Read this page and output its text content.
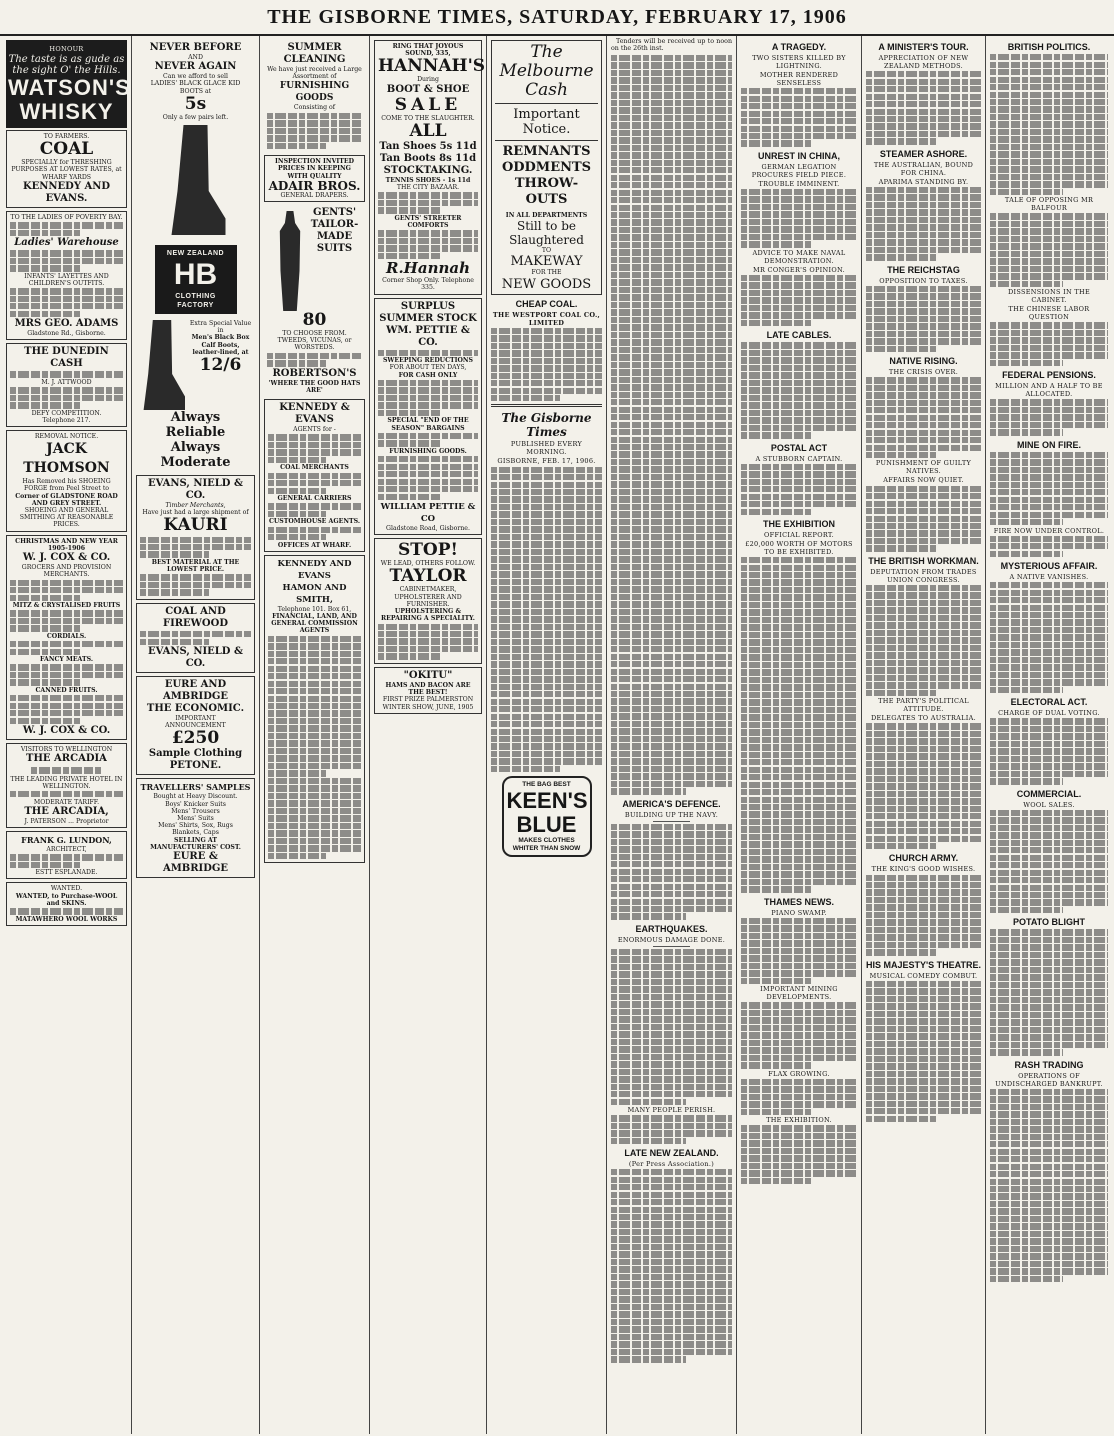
THE GISBORNE TIMES, SATURDAY, FEBRUARY 17, 1906
HONOUR
The taste is as gude as the sight O' the Hills.
WATSON'S WHISKY
TO FARMERS.
COAL
SPECIALLY for THRESHING PURPOSES AT LOWEST RATES, at WHARF YARDS
KENNEDY AND EVANS.
TO THE LADIES OF POVERTY BAY.
Ladies' Warehouse
INFANTS' LAYETTES AND CHILDREN'S OUTFITS.
MRS GEO. ADAMS
Gladstone Rd., Gisborne.
THE DUNEDIN CASH
M. J. ATTWOOD
DEFY COMPETITION.
Telephone 217.
REMOVAL NOTICE.
JACK THOMSON
Has Removed his SHOEING FORGE from Peel Street to
Corner of GLADSTONE ROAD AND GREY STREET.
SHOEING AND GENERAL SMITHING AT REASONABLE PRICES.
CHRISTMAS AND NEW YEAR 1905-1906
W. J. COX & CO.
GROCERS AND PROVISION MERCHANTS.
MITZ & CRYSTALISED FRUITS
CORDIALS.
FANCY MEATS.
CANNED FRUITS.
W. J. COX & CO.
VISITORS TO WELLINGTON
THE ARCADIA
THE LEADING PRIVATE HOTEL IN WELLINGTON.
MODERATE TARIFF.
THE ARCADIA,
J. PATERSON ... Proprietor
FRANK G. LUNDON,
ARCHITECT,
ESTT ESPLANADE.
WANTED.
WANTED, to Purchase-WOOL and SKINS.
MATAWHERO WOOL WORKS
NEVER BEFORE
AND
NEVER AGAIN
Can we afford to sell
LADIES' BLACK GLACE KID BOOTS at
5s
Only a few pairs left.
NEW ZEALAND
HB
CLOTHING FACTORY
Extra Special Value in
Men's Black Box Calf Boots, leather-lined, at
12/6
Always Reliable
Always
Moderate
EVANS, NIELD & CO.
Timber Merchants,
Have just had a large shipment of
KAURI
BEST MATERIAL AT THE LOWEST PRICE.
COAL AND FIREWOOD
EVANS, NIELD & CO.
EURE AND AMBRIDGE
THE ECONOMIC.
IMPORTANT
ANNOUNCEMENT
£250
Sample Clothing
PETONE.
TRAVELLERS' SAMPLES
Bought at Heavy Discount.
Boys' Knicker Suits
Mens' Trousers
Mens' Suits
Mens' Shirts, Sox, Rugs
Blankets, Caps
SELLING AT MANUFACTURERS' COST.
EURE & AMBRIDGE
SUMMER
CLEANING
We have just received a Large Assortment of
FURNISHING GOODS
Consisting of
INSPECTION INVITED
PRICES IN KEEPING WITH QUALITY
ADAIR BROS.
GENERAL DRAPERS.
GENTS'
TAILOR-
MADE
SUITS
80
TO CHOOSE FROM.
TWEEDS, VICUNAS, or WORSTEDS.
ROBERTSON'S
'WHERE THE GOOD HATS ARE'
KENNEDY & EVANS
AGENTS for -
COAL MERCHANTS
GENERAL CARRIERS
CUSTOMHOUSE AGENTS.
OFFICES AT WHARF.
KENNEDY AND EVANS
HAMON AND SMITH,
Telephone 101. Box 61,
FINANCIAL, LAND, AND GENERAL COMMISSION AGENTS
RING THAT JOYOUS SOUND, 335,
HANNAH'S
During
BOOT & SHOE
SALE
COME TO THE SLAUGHTER.
ALL
Tan Shoes 5s 11d
Tan Boots 8s 11d
STOCKTAKING.
TENNIS SHOES - 1s 11d
THE CITY BAZAAR.
GENTS' STREETER COMFORTS
R.Hannah
Corner Shop Only. Telephone 335.
SURPLUS SUMMER STOCK
WM. PETTIE & CO.
SWEEPING REDUCTIONS
FOR ABOUT TEN DAYS,
FOR CASH ONLY
SPECIAL "END OF THE SEASON" BARGAINS
FURNISHING GOODS.
WILLIAM PETTIE & CO
Gladstone Road, Gisborne.
STOP!
WE LEAD, OTHERS FOLLOW.
TAYLOR
CABINETMAKER, UPHOLSTERER AND FURNISHER.
UPHOLSTERING & REPAIRING A SPECIALITY.
"OKITU"
HAMS AND BACON ARE THE BEST!
FIRST PRIZE PALMERSTON WINTER SHOW, JUNE, 1905
The
Melbourne
Cash
Important
Notice.
REMNANTS
ODDMENTS
THROW-OUTS
IN ALL DEPARTMENTS
Still to be
Slaughtered
TO
MAKEWAY
FOR THE
NEW GOODS
CHEAP COAL.
THE WESTPORT COAL CO., LIMITED
The Gisborne Times
PUBLISHED EVERY MORNING.
GISBORNE, FEB. 17, 1906.
THE BAG BEST
KEEN'S
BLUE
MAKES CLOTHES WHITER THAN SNOW

Tenders will be received up to noon on the 26th inst.

AMERICA'S DEFENCE.
BUILDING UP THE NAVY.
EARTHQUAKES.
ENORMOUS DAMAGE DONE.
MANY PEOPLE PERISH.
LATE NEW ZEALAND.
(Per Press Association.)
A TRAGEDY.
TWO SISTERS KILLED BY LIGHTNING.
MOTHER RENDERED SENSELESS
UNREST IN CHINA,
GERMAN LEGATION PROCURES FIELD PIECE.
TROUBLE IMMINENT.
ADVICE TO MAKE NAVAL DEMONSTRATION.
MR CONGER'S OPINION.
LATE CABLES.
POSTAL ACT
A STUBBORN CAPTAIN.
THE EXHIBITION
OFFICIAL REPORT.
£20,000 WORTH OF MOTORS TO BE EXHIBITED.
THAMES NEWS.
PIANO SWAMP.
IMPORTANT MINING DEVELOPMENTS.
FLAX GROWING.
THE EXHIBITION.
A MINISTER'S TOUR.
APPRECIATION OF NEW ZEALAND METHODS.
STEAMER ASHORE.
THE AUSTRALIAN, BOUND FOR CHINA.
APARIMA STANDING BY.
THE REICHSTAG
OPPOSITION TO TAXES.
NATIVE RISING.
THE CRISIS OVER.
PUNISHMENT OF GUILTY NATIVES.
AFFAIRS NOW QUIET.
THE BRITISH WORKMAN.
DEPUTATION FROM TRADES UNION CONGRESS.
THE PARTY'S POLITICAL ATTITUDE.
DELEGATES TO AUSTRALIA.
CHURCH ARMY.
THE KING'S GOOD WISHES.
HIS MAJESTY'S THEATRE.
MUSICAL COMEDY COMBUT.
BRITISH POLITICS.
TALE OF OPPOSING MR BALFOUR
DISSENSIONS IN THE CABINET.
THE CHINESE LABOR QUESTION
FEDERAL PENSIONS.
MILLION AND A HALF TO BE ALLOCATED.
MINE ON FIRE.
FIRE NOW UNDER CONTROL.
MYSTERIOUS AFFAIR.
A NATIVE VANISHES.
ELECTORAL ACT.
CHARGE OF DUAL VOTING.
COMMERCIAL.
WOOL SALES.
POTATO BLIGHT
RASH TRADING
OPERATIONS OF UNDISCHARGED BANKRUPT.
